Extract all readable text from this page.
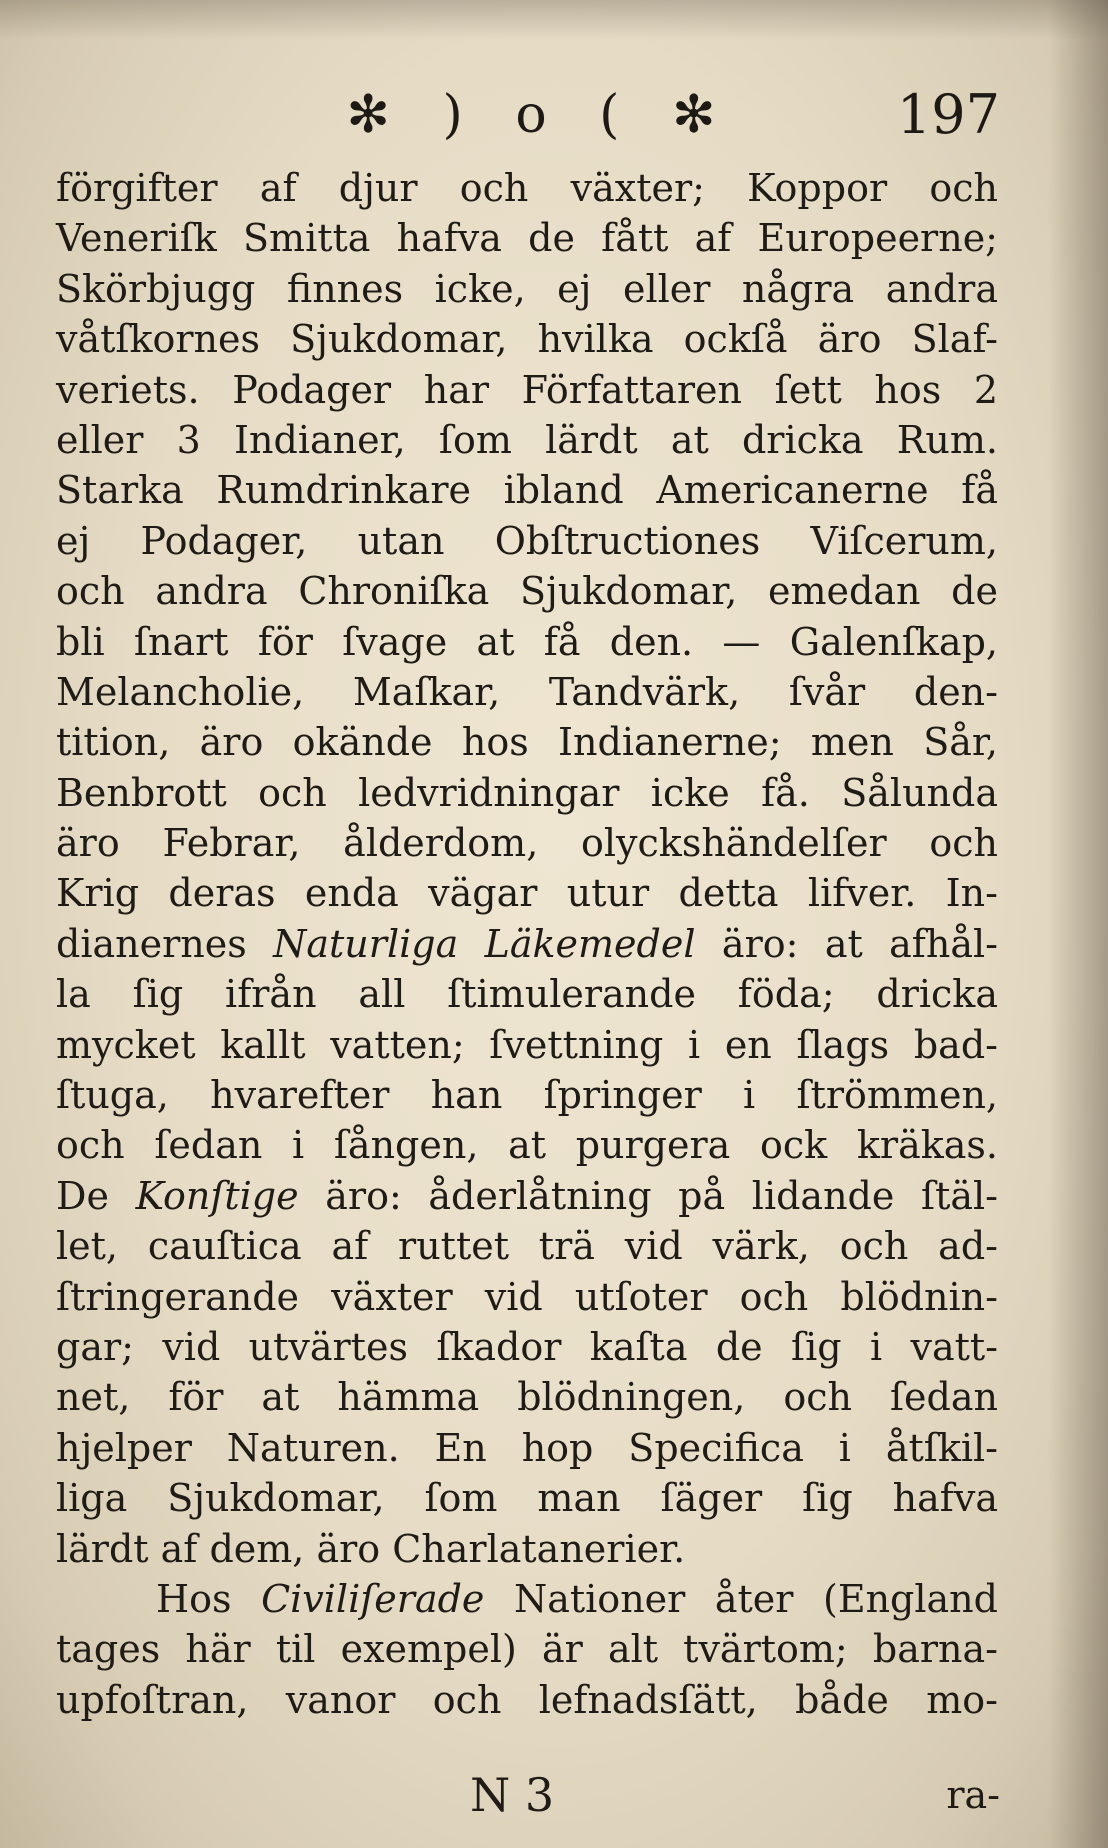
✻ ) o ( ✻	197
förgifter af djur och växter; Koppor och
Veneriſk Smitta hafva de fått af Europeerne;
Skörbjugg finnes icke, ej eller några andra
våtſkornes Sjukdomar, hvilka ockſå äro Slaf-
veriets. Podager har Författaren ſett hos 2
eller 3 Indianer, ſom lärdt at dricka Rum.
Starka Rumdrinkare ibland Americanerne få
ej Podager, utan Obſtructiones Viſcerum,
och andra Chroniſka Sjukdomar, emedan de
bli ſnart för ſvage at få den. — Galenſkap,
Melancholie, Maſkar, Tandvärk, ſvår den-
tition, äro okände hos Indianerne; men Sår,
Benbrott och ledvridningar icke få. Sålunda
äro Febrar, ålderdom, olyckshändelſer och
Krig deras enda vägar utur detta lifver. In-
dianernes Naturliga Läkemedel äro: at afhål-
la ſig ifrån all ſtimulerande föda; dricka
mycket kallt vatten; ſvettning i en ſlags bad-
ſtuga, hvarefter han ſpringer i ſtrömmen,
och ſedan i ſången, at purgera ock kräkas.
De Konſtige äro: åderlåtning på lidande ſtäl-
let, cauſtica af ruttet trä vid värk, och ad-
ſtringerande växter vid utſoter och blödnin-
gar; vid utvärtes ſkador kaſta de ſig i vatt-
net, för at hämma blödningen, och ſedan
hjelper Naturen. En hop Specifica i åtſkil-
liga Sjukdomar, ſom man ſäger ſig hafva
lärdt af dem, äro Charlatanerier.
Hos Civiliſerade Nationer åter (England
tages här til exempel) är alt tvärtom; barna-
upfoſtran, vanor och lefnadsſätt, både mo-
N 3	ra-
